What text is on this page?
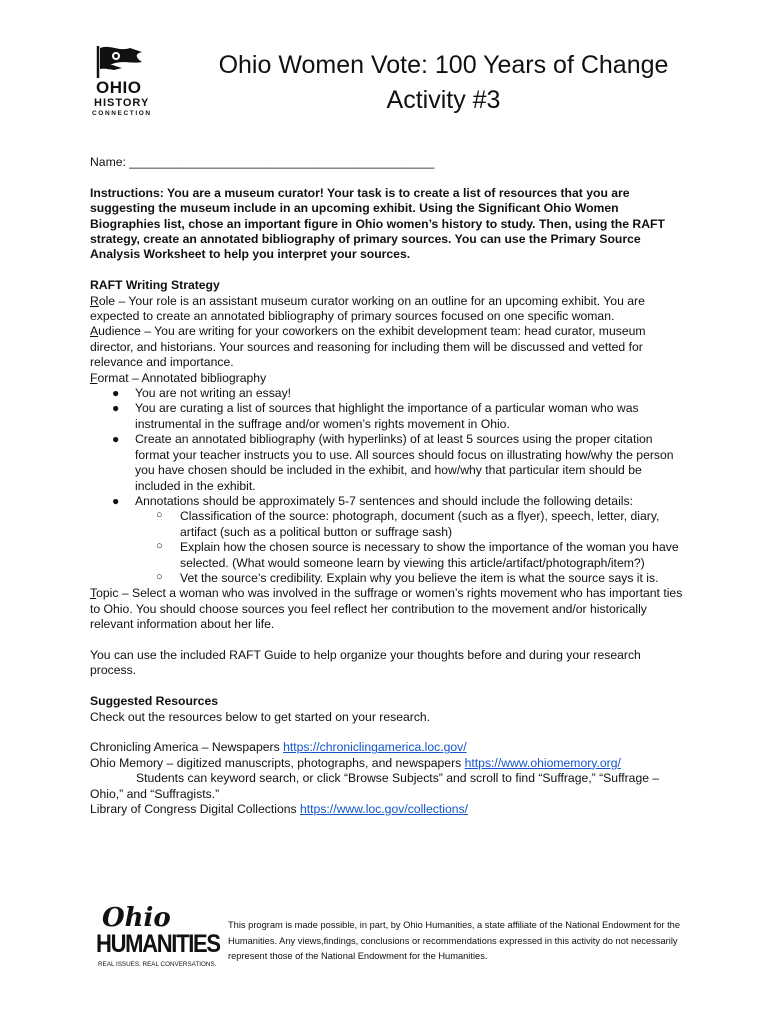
OHIO
HISTORY
CONNECTION
Ohio Women Vote: 100 Years of Change
Activity #3

Name: _____________________________________________

Instructions: You are a museum curator! Your task is to create a list of resources that you are suggesting the museum include in an upcoming exhibit. Using the Significant Ohio Women Biographies list, chose an important figure in Ohio women’s history to study. Then, using the RAFT strategy, create an annotated bibliography of primary sources. You can use the Primary Source Analysis Worksheet to help you interpret your sources.

RAFT Writing Strategy

Role – Your role is an assistant museum curator working on an outline for an upcoming exhibit. You are expected to create an annotated bibliography of primary sources focused on one specific woman.

Audience – You are writing for your coworkers on the exhibit development team: head curator, museum director, and historians. Your sources and reasoning for including them will be discussed and vetted for relevance and importance.

Format – Annotated bibliography

● You are not writing an essay!
● You are curating a list of sources that highlight the importance of a particular woman who was instrumental in the suffrage and/or women’s rights movement in Ohio.
● Create an annotated bibliography (with hyperlinks) of at least 5 sources using the proper citation format your teacher instructs you to use. All sources should focus on illustrating how/why the person you have chosen should be included in the exhibit, and how/why that particular item should be included in the exhibit.
● Annotations should be approximately 5-7 sentences and should include the following details:
○ Classification of the source: photograph, document (such as a flyer), speech, letter, diary, artifact (such as a political button or suffrage sash)
○ Explain how the chosen source is necessary to show the importance of the woman you have selected. (What would someone learn by viewing this article/artifact/photograph/item?)
○ Vet the source’s credibility. Explain why you believe the item is what the source says it is.

Topic – Select a woman who was involved in the suffrage or women’s rights movement who has important ties to Ohio. You should choose sources you feel reflect her contribution to the movement and/or historically relevant information about her life.

You can use the included RAFT Guide to help organize your thoughts before and during your research process.

Suggested Resources

Check out the resources below to get started on your research.

Chronicling America – Newspapers https://chroniclingamerica.loc.gov/

Ohio Memory – digitized manuscripts, photographs, and newspapers https://www.ohiomemory.org/

Students can keyword search, or click “Browse Subjects” and scroll to find “Suffrage,” “Suffrage – Ohio,” and “Suffragists.”

Library of Congress Digital Collections https://www.loc.gov/collections/

Ohio
HUMANITIES
REAL ISSUES. REAL CONVERSATIONS.
This program is made possible, in part, by Ohio Humanities, a state affiliate of the National Endowment for the Humanities. Any views,findings, conclusions or recommendations expressed in this activity do not necessarily represent those of the National Endowment for the Humanities.
